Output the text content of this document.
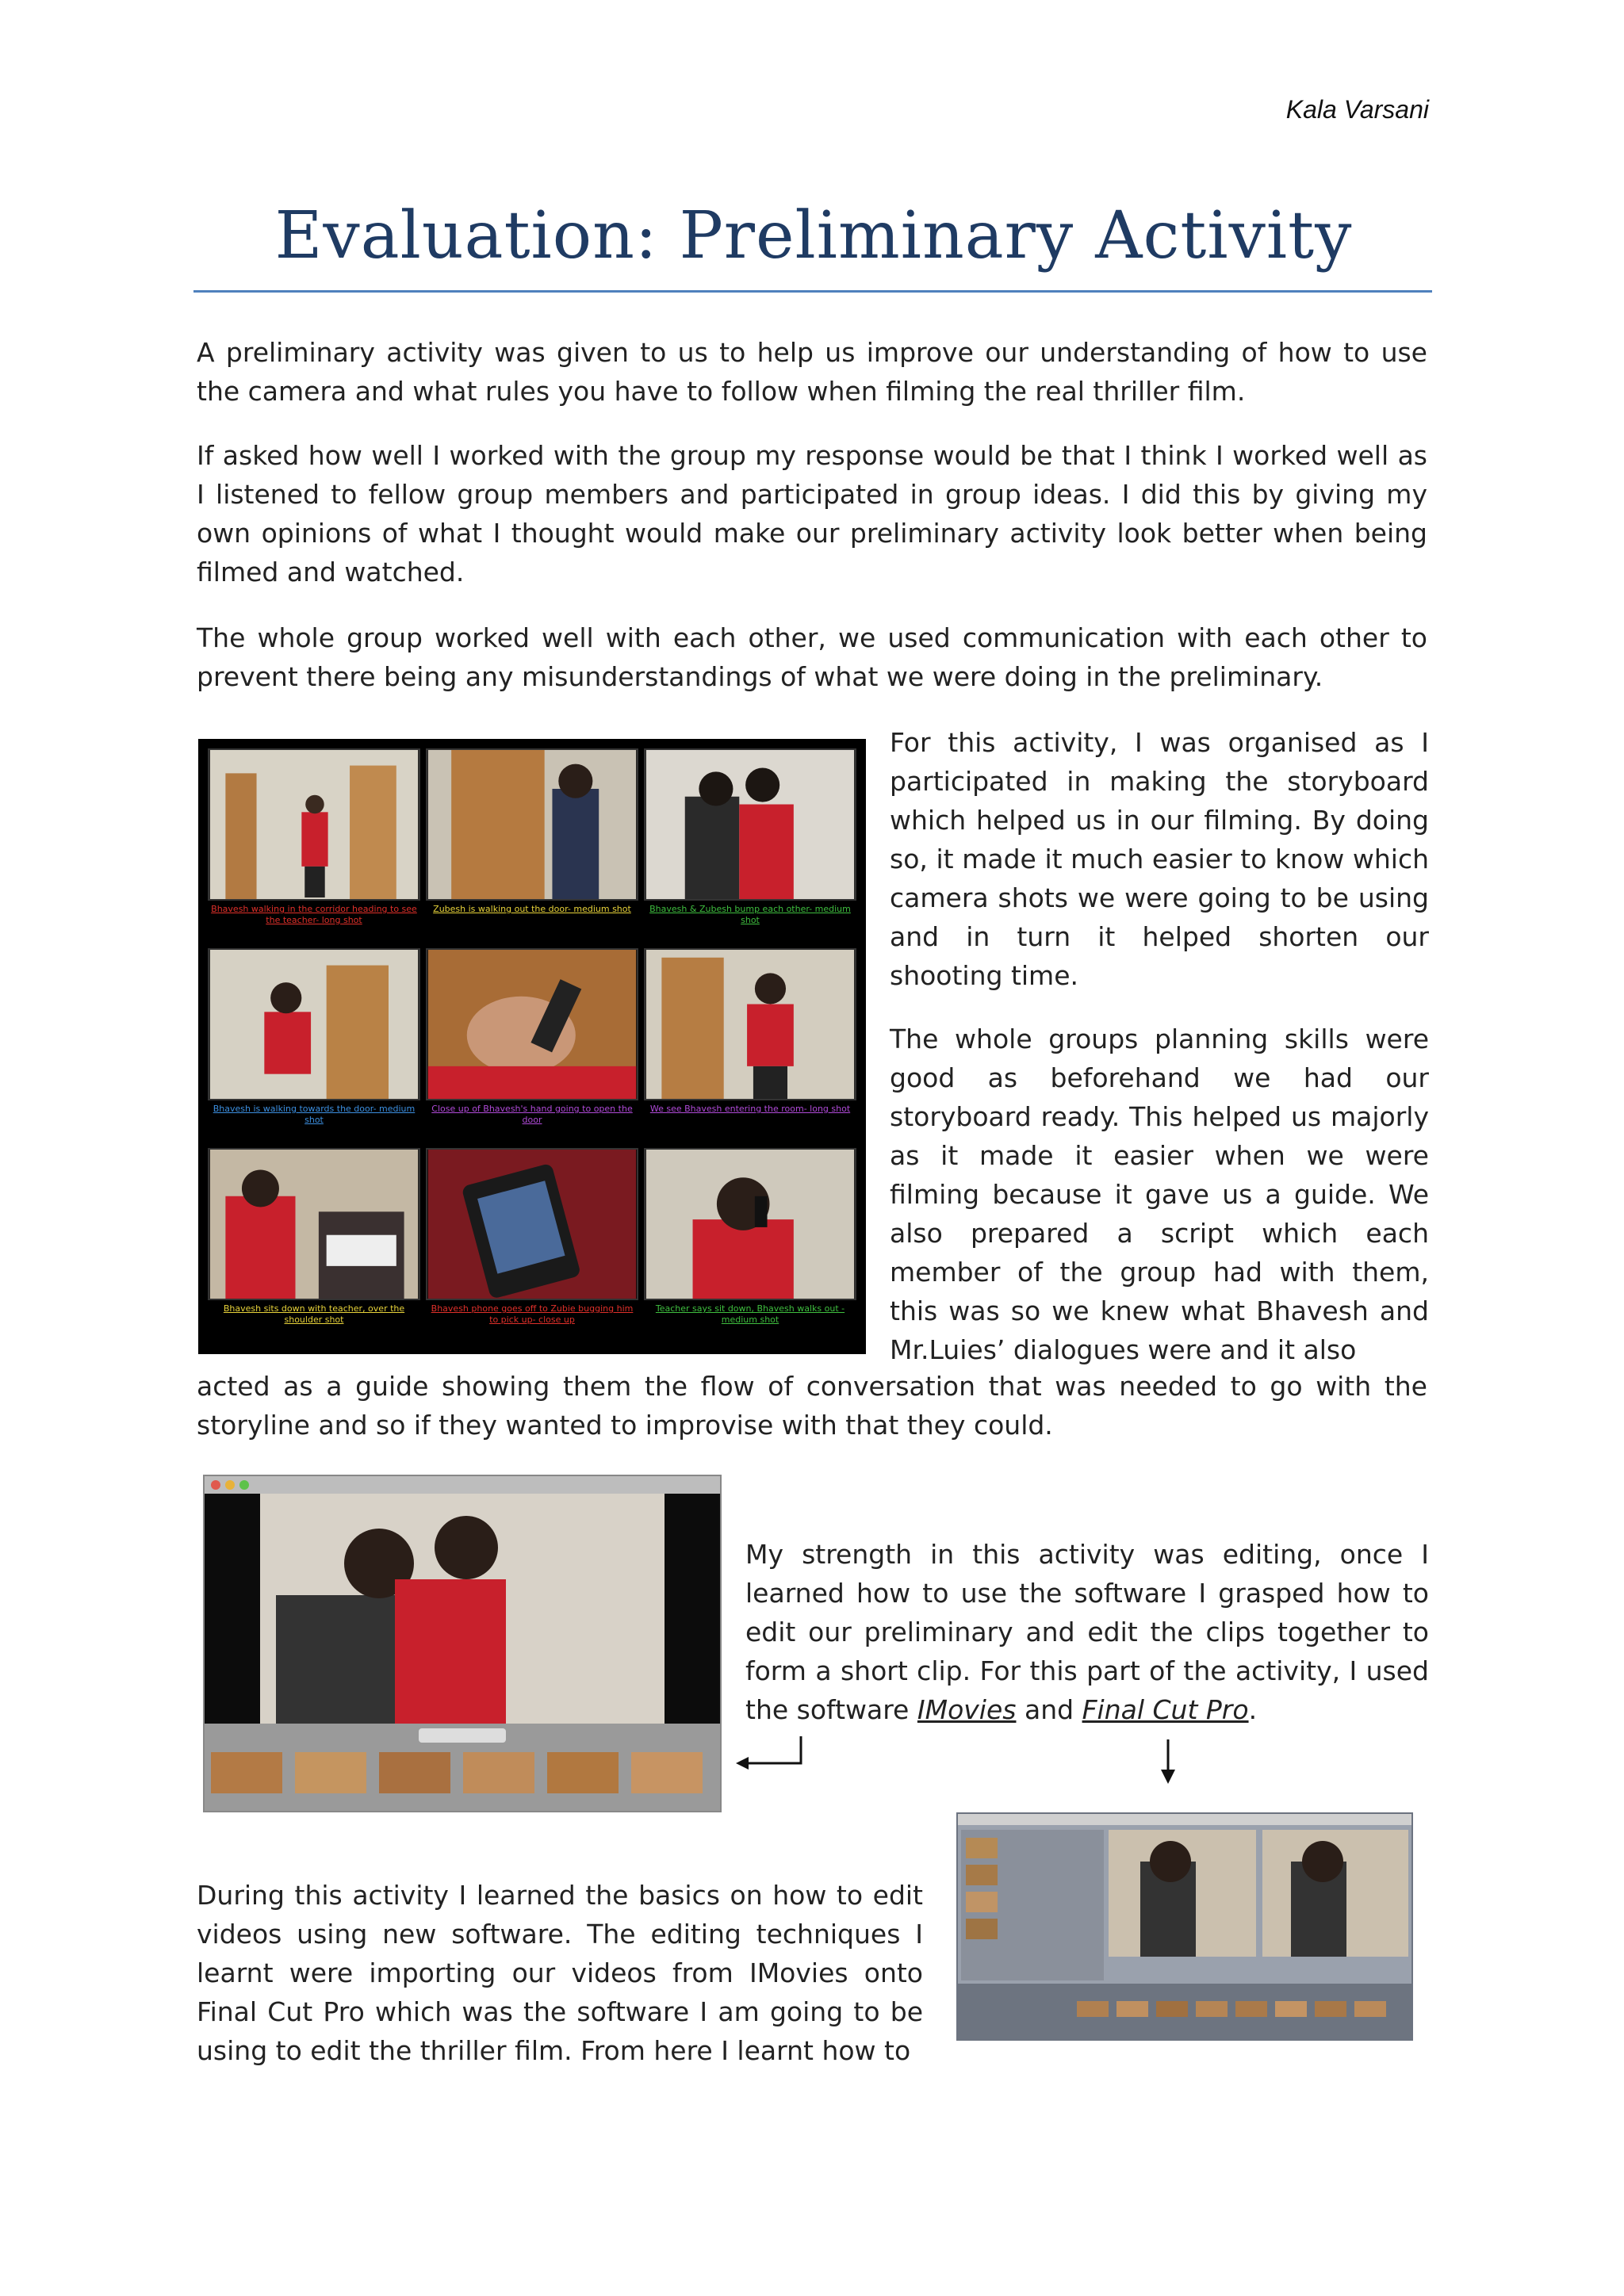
Kala Varsani
Evaluation: Preliminary Activity

A preliminary activity was given to us to help us improve our understanding of how to use the camera and what rules you have to follow when filming the real thriller film.

If asked how well I worked with the group my response would be that I think I worked well as I listened to fellow group members and participated in group ideas. I did this by giving my own opinions of what I thought would make our preliminary activity look better when being filmed and watched.

The whole group worked well with each other, we used communication with each other to prevent there being any misunderstandings of what we were doing in the preliminary.

Bhavesh walking in the corridor heading to see the teacher- long shot
Zubesh is walking out the door- medium shot	Bhavesh & Zubesh bump each other- medium shot
Bhavesh is walking towards the door- medium shot
Close up of Bhavesh's hand going to open the door
We see Bhavesh entering the room- long shot
Bhavesh sits down with teacher, over the shoulder shot
Bhavesh phone goes off to Zubie bugging him to pick up- close up
Teacher says sit down, Bhavesh walks out - medium shot

For this activity, I was organised as I participated in making the storyboard which helped us in our filming. By doing so, it made it much easier to know which camera shots we were going to be using and in turn it helped shorten our shooting time.

The whole groups planning skills were good as beforehand we had our storyboard ready. This helped us majorly as it made it easier when we were filming because it gave us a guide. We also prepared a script which each member of the group had with them, this was so we knew what Bhavesh and Mr.Luies’ dialogues were and it also

acted as a guide showing them the flow of conversation that was needed to go with the storyline and so if they wanted to improvise with that they could.

My strength in this activity was editing, once I learned how to use the software I grasped how to edit our preliminary and edit the clips together to form a short clip. For this part of the activity, I used the software IMovies and Final Cut Pro.

During this activity I learned the basics on how to edit videos using new software. The editing techniques I learnt were importing our videos from IMovies onto Final Cut Pro which was the software I am going to be using to edit the thriller film. From here I learnt how to
